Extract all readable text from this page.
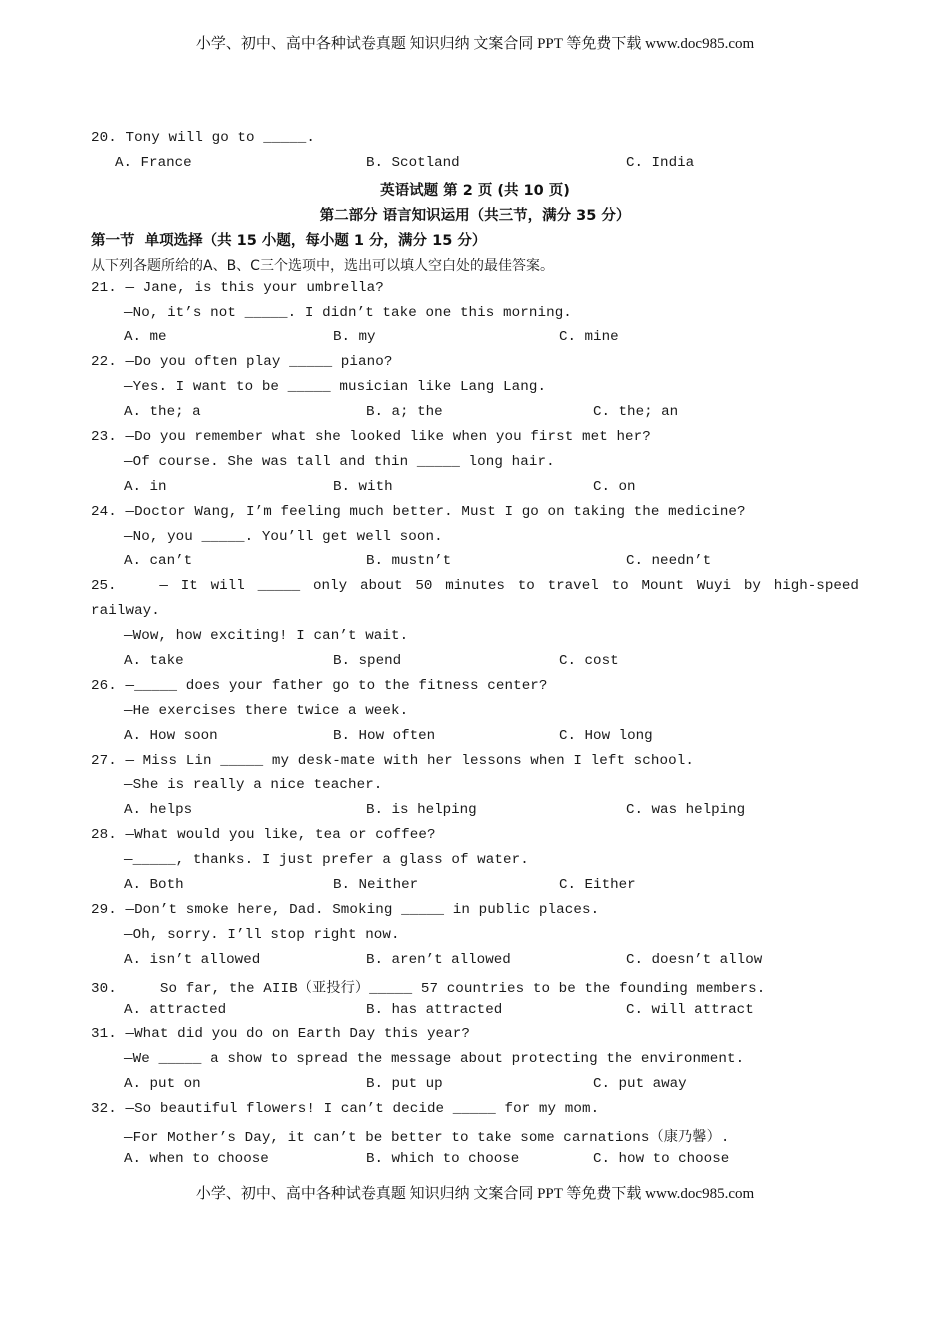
小学、初中、高中各种试卷真题 知识归纳 文案合同 PPT 等免费下载 www.doc985.com
20. Tony will go to _____.
A. France	B. Scotland	C. India
英语试题 第 2 页 (共 10 页)
第二部分 语言知识运用（共三节，满分 35 分）
第一节  单项选择（共 15 小题，每小题 1 分，满分 15 分）
从下列各题所给的A、B、C三个选项中，选出可以填人空白处的最佳答案。
21. — Jane, is this your umbrella?
—No, it’s not _____. I didn’t take one this morning.
A. me	B. my	C. mine
22. —Do you often play _____ piano?
—Yes. I want to be _____ musician like Lang Lang.
A. the; a	B. a; the	C. the; an
23. —Do you remember what she looked like when you first met her?
—Of course. She was tall and thin _____ long hair.
A. in	B. with	C. on
24. —Doctor Wang, I’m feeling much better. Must I go on taking the medicine?
—No, you _____. You’ll get well soon.
A. can’t	B. mustn’t	C. needn’t
25.	— It will _____ only about 50 minutes to travel to Mount Wuyi by high-speed
railway.
—Wow, how exciting! I can’t wait.
A. take	B. spend	C. cost
26. —_____ does your father go to the fitness center?
—He exercises there twice a week.
A. How soon	B. How often	C. How long
27. — Miss Lin _____ my desk-mate with her lessons when I left school.
—She is really a nice teacher.
A. helps	B. is helping	C. was helping
28. —What would you like, tea or coffee?
—_____, thanks. I just prefer a glass of water.
A. Both	B. Neither	C. Either
29. —Don’t smoke here, Dad. Smoking _____ in public places.
—Oh, sorry. I’ll stop right now.
A. isn’t allowed	B. aren’t allowed	C. doesn’t allow
30.     So far, the AIIB（亚投行）_____ 57 countries to be the founding members.
A. attracted	B. has attracted	C. will attract
31. —What did you do on Earth Day this year?
—We _____ a show to spread the message about protecting the environment.
A. put on	B. put up	C. put away
32. —So beautiful flowers! I can’t decide _____ for my mom.
—For Mother’s Day, it can’t be better to take some carnations（康乃馨）.
A. when to choose	B. which to choose	C. how to choose
小学、初中、高中各种试卷真题 知识归纳 文案合同 PPT 等免费下载 www.doc985.com
